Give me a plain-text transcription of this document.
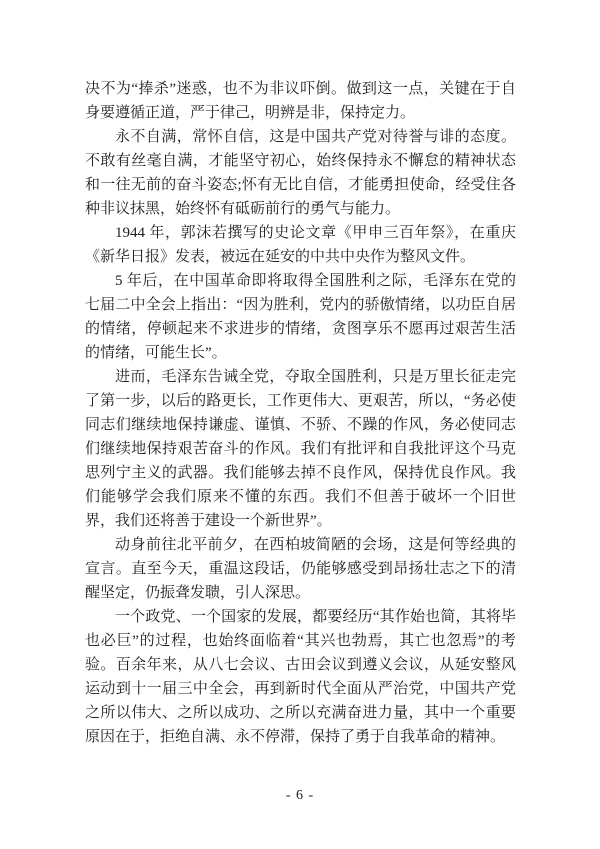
决不为“捧杀”迷惑，也不为非议吓倒。做到这一点，关键在于自身要遵循正道，严于律己，明辨是非，保持定力。

永不自满，常怀自信，这是中国共产党对待誉与诽的态度。不敢有丝毫自满，才能坚守初心，始终保持永不懈怠的精神状态和一往无前的奋斗姿态;怀有无比自信，才能勇担使命，经受住各种非议抹黑，始终怀有砥砺前行的勇气与能力。

1944 年，郭沫若撰写的史论文章《甲申三百年祭》，在重庆《新华日报》发表，被远在延安的中共中央作为整风文件。

5 年后，在中国革命即将取得全国胜利之际，毛泽东在党的七届二中全会上指出：“因为胜利，党内的骄傲情绪，以功臣自居的情绪，停顿起来不求进步的情绪，贪图享乐不愿再过艰苦生活的情绪，可能生长”。

进而，毛泽东告诫全党，夺取全国胜利，只是万里长征走完了第一步，以后的路更长，工作更伟大、更艰苦，所以，“务必使同志们继续地保持谦虚、谨慎、不骄、不躁的作风，务必使同志们继续地保持艰苦奋斗的作风。我们有批评和自我批评这个马克思列宁主义的武器。我们能够去掉不良作风，保持优良作风。我们能够学会我们原来不懂的东西。我们不但善于破坏一个旧世界，我们还将善于建设一个新世界”。

动身前往北平前夕，在西柏坡简陋的会场，这是何等经典的宣言。直至今天，重温这段话，仍能够感受到昂扬壮志之下的清醒坚定，仍振聋发聩，引人深思。

一个政党、一个国家的发展，都要经历“其作始也简，其将毕也必巨”的过程，也始终面临着“其兴也勃焉，其亡也忽焉”的考验。百余年来，从八七会议、古田会议到遵义会议，从延安整风运动到十一届三中全会，再到新时代全面从严治党，中国共产党之所以伟大、之所以成功、之所以充满奋进力量，其中一个重要原因在于，拒绝自满、永不停滞，保持了勇于自我革命的精神。

- 6 -
